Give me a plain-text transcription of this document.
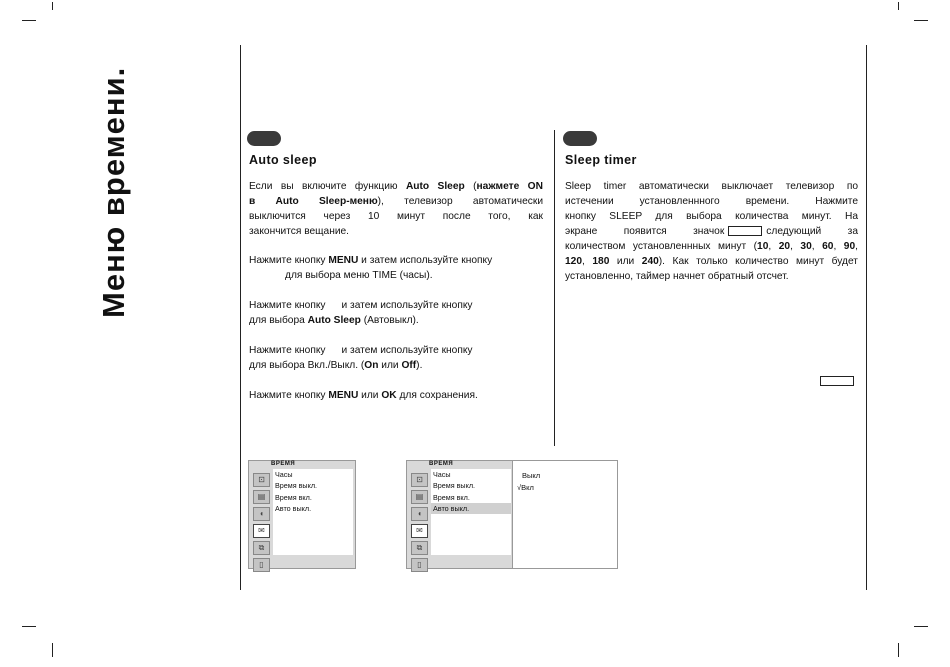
Меню времени.	Auto sleep
Если вы включите функцию Auto Sleep (нажмете ON
в Auto Sleep-меню), телевизор автоматически
выключится через 10 минут после того, как
закончится вещание.
Нажмите кнопку MENU и затем используйте кнопку
для выбора меню TIME (часы).
Нажмите кнопку и затем используйте кнопку
для выбора Auto Sleep (Автовыкл).
Нажмите кнопку и затем используйте кнопку
для выбора Вкл./Выкл. (On или Off).
Нажмите кнопку MENU или OK для сохранения.
Sleep timer
Sleep timer автоматически выключает телевизор по
истечении установленнного времени. Нажмите
кнопку SLEEP для выбора количества минут. На
экране появится значок	следующий за
количеством установленнных минут (10, 20, 30, 60, 90,
120, 180 или 240). Как только количество минут будет
установленно, таймер начнет обратный отсчет.
ВРЕМЯ
⊡
▤
◖
✉
⧉
▯
Часы
Время выкл.
Время вкл.
Авто выкл.
ВРЕМЯ
⊡
▤
◖
✉
⧉
▯
Часы
Время выкл.
Время вкл.
Авто выкл.
Выкл
√Вкл
